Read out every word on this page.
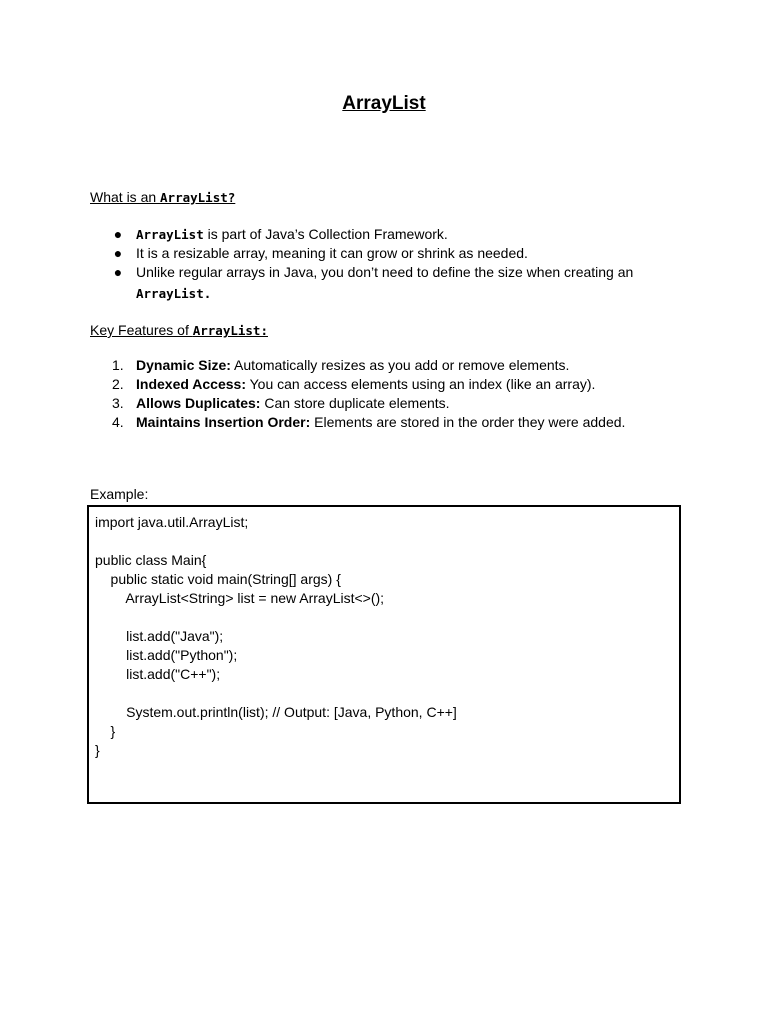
ArrayList
What is an ArrayList?
● ArrayList is part of Java’s Collection Framework.
● It is a resizable array, meaning it can grow or shrink as needed.
● Unlike regular arrays in Java, you don’t need to define the size when creating an
ArrayList.
Key Features of ArrayList:
1. Dynamic Size: Automatically resizes as you add or remove elements.
2. Indexed Access: You can access elements using an index (like an array).
3. Allows Duplicates: Can store duplicate elements.
4. Maintains Insertion Order: Elements are stored in the order they were added.
Example:
import java.util.ArrayList;
public class Main{
public static void main(String[] args) {
ArrayList<String> list = new ArrayList<>();
list.add("Java");
list.add("Python");
list.add("C++");
System.out.println(list); // Output: [Java, Python, C++]
}
}
